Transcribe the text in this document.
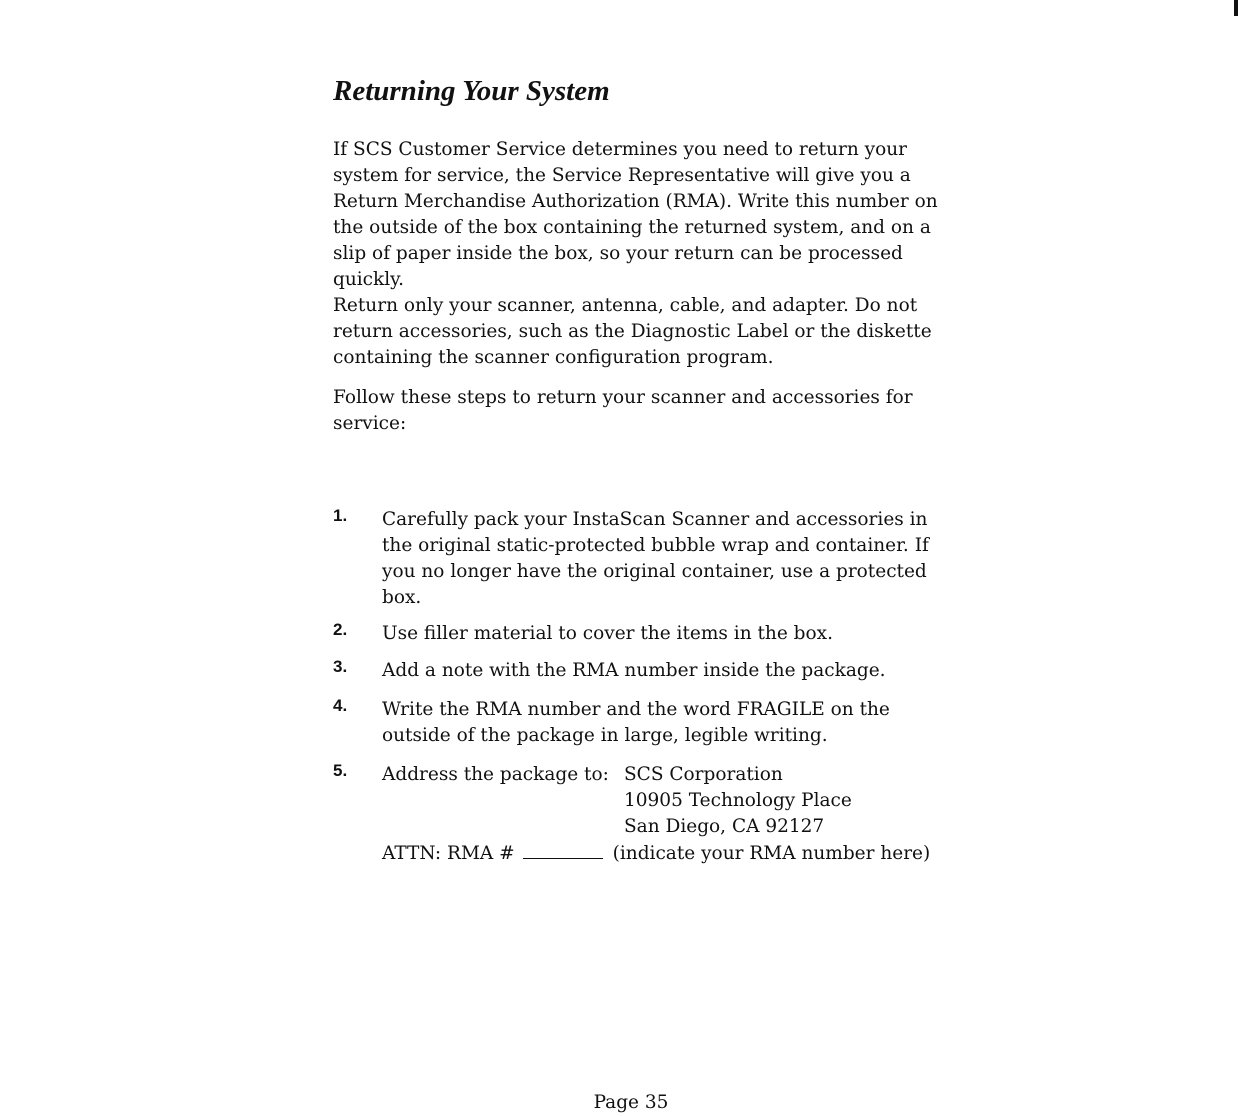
Returning Your System

If SCS Customer Service determines you need to return your system for service, the Service Representative will give you a Return Merchandise Authorization (RMA). Write this number on the outside of the box containing the returned system, and on a slip of paper inside the box, so your return can be processed quickly.

Return only your scanner, antenna, cable, and adapter. Do not return accessories, such as the Diagnostic Label or the diskette containing the scanner configuration program.

Follow these steps to return your scanner and accessories for service:

1. Carefully pack your InstaScan Scanner and accessories in the original static-protected bubble wrap and container. If you no longer have the original container, use a protected box.
2. Use filler material to cover the items in the box.
3. Add a note with the RMA number inside the package.
4. Write the RMA number and the word FRAGILE on the outside of the package in large, legible writing.
5. Address the package to: SCS Corporation
10905 Technology Place
San Diego, CA 92127
ATTN: RMA #	(indicate your RMA number here)
Page 35
